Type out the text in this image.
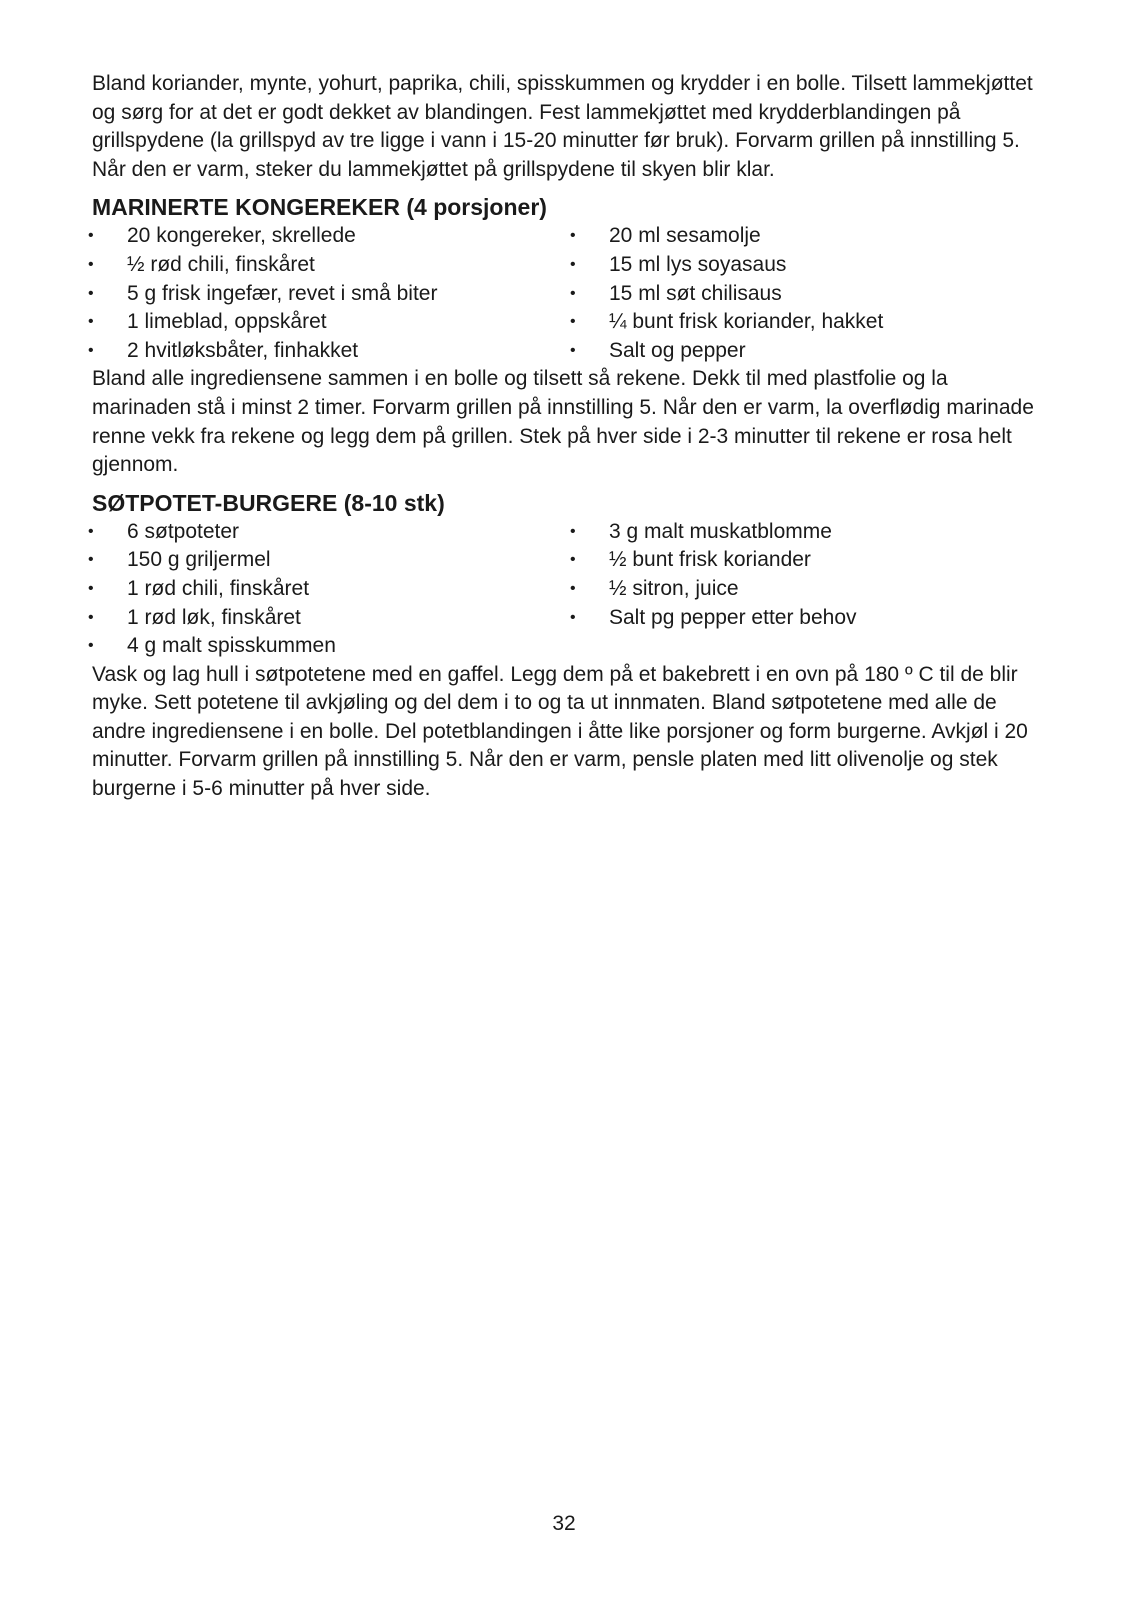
Bland koriander, mynte, yohurt, paprika, chili, spisskummen og krydder i en bolle. Tilsett lammekjøttet og sørg for at det er godt dekket av blandingen. Fest lammekjøttet med krydderblandingen på grillspydene (la grillspyd av tre ligge i vann i 15-20 minutter før bruk). Forvarm grillen på innstilling 5. Når den er varm, steker du lammekjøttet på grillspydene til skyen blir klar.

MARINERTE KONGEREKER (4 porsjoner)
• 20 kongereker, skrellede
• ½ rød chili, finskåret
• 5 g frisk ingefær, revet i små biter
• 1 limeblad, oppskåret
• 2 hvitløksbåter, finhakket
• 20 ml sesamolje
• 15 ml lys soyasaus
• 15 ml søt chilisaus
• ¼ bunt frisk koriander, hakket
• Salt og pepper

Bland alle ingrediensene sammen i en bolle og tilsett så rekene. Dekk til med plastfolie og la marinaden stå i minst 2 timer. Forvarm grillen på innstilling 5. Når den er varm, la overflødig marinade renne vekk fra rekene og legg dem på grillen. Stek på hver side i 2-3 minutter til rekene er rosa helt gjennom.

SØTPOTET-BURGERE (8-10 stk)
• 6 søtpoteter
• 150 g griljermel
• 1 rød chili, finskåret
• 1 rød løk, finskåret
• 4 g malt spisskummen
• 3 g malt muskatblomme
• ½ bunt frisk koriander
• ½ sitron, juice
• Salt pg pepper etter behov

Vask og lag hull i søtpotetene med en gaffel. Legg dem på et bakebrett i en ovn på 180 º C til de blir myke. Sett potetene til avkjøling og del dem i to og ta ut innmaten. Bland søtpotetene med alle de andre ingrediensene i en bolle. Del potetblandingen i åtte like porsjoner og form burgerne. Avkjøl i 20 minutter. Forvarm grillen på innstilling 5. Når den er varm, pensle platen med litt olivenolje og stek burgerne i 5-6 minutter på hver side.

32
